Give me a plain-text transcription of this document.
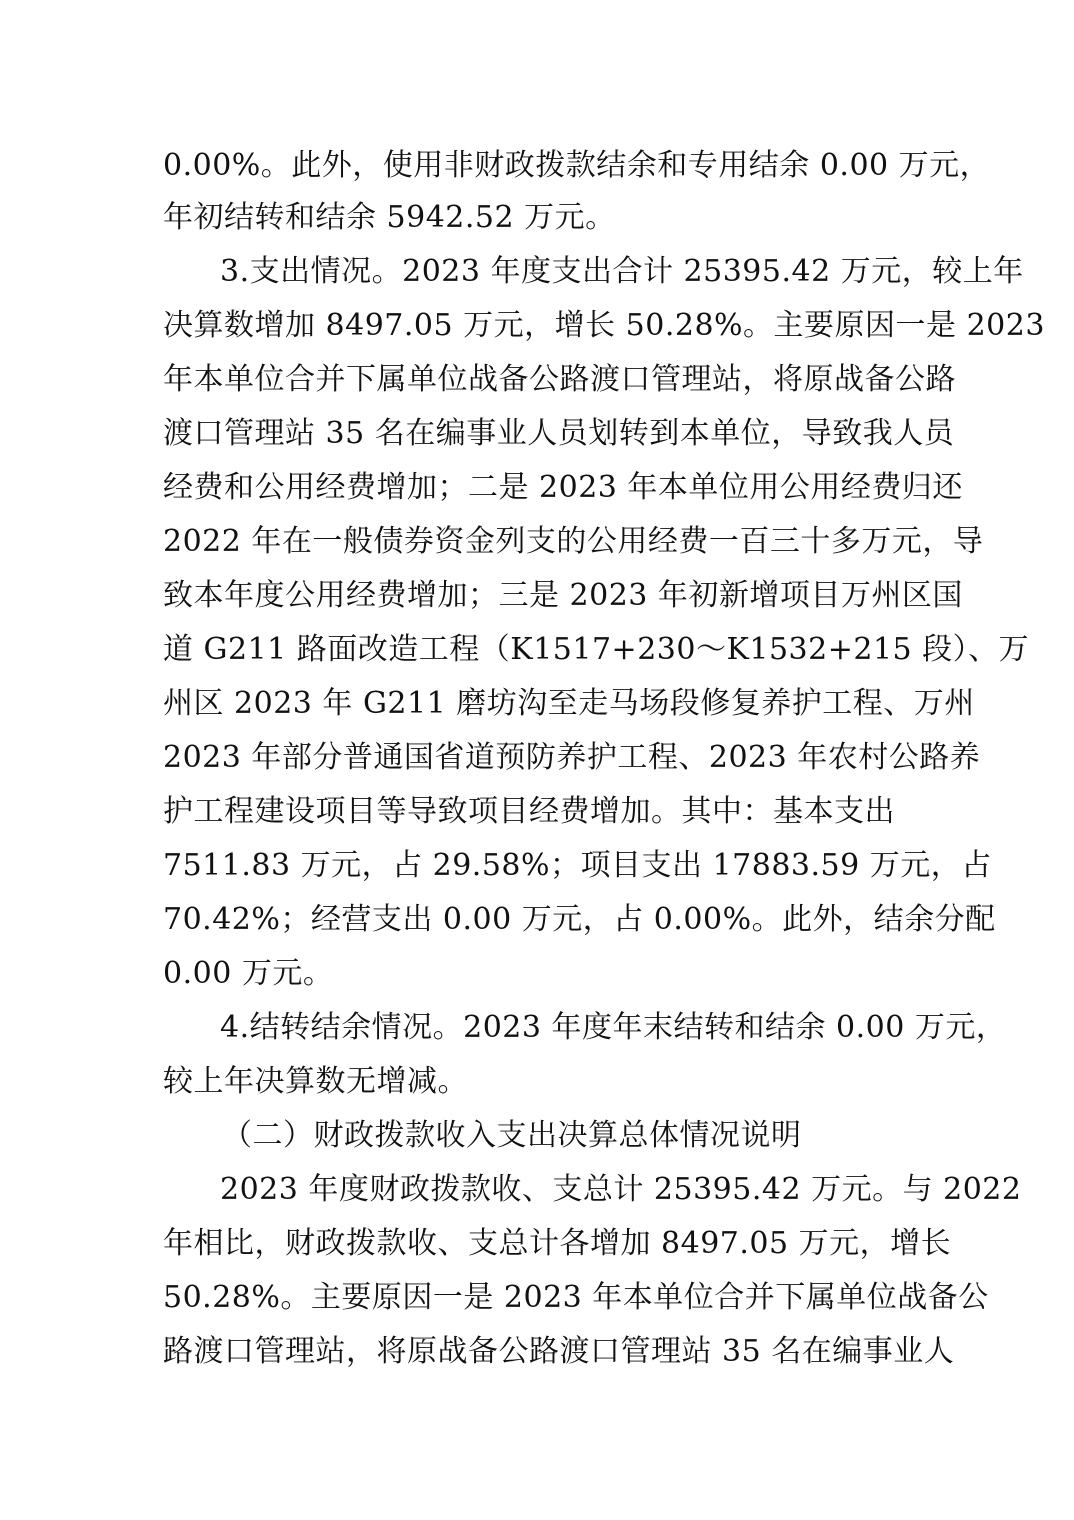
0.00%。此外，使用非财政拨款结余和专用结余 0.00 万元，
年初结转和结余 5942.52 万元。
3.支出情况。2023 年度支出合计 25395.42 万元，较上年
决算数增加 8497.05 万元，增长 50.28%。主要原因一是 2023
年本单位合并下属单位战备公路渡口管理站，将原战备公路
渡口管理站 35 名在编事业人员划转到本单位，导致我人员
经费和公用经费增加；二是 2023 年本单位用公用经费归还
2022 年在一般债券资金列支的公用经费一百三十多万元，导
致本年度公用经费增加；三是 2023 年初新增项目万州区国
道 G211 路面改造工程（K1517+230～K1532+215 段）、万
州区 2023 年 G211 磨坊沟至走马场段修复养护工程、万州
2023 年部分普通国省道预防养护工程、2023 年农村公路养
护工程建设项目等导致项目经费增加。其中：基本支出
7511.83 万元，占 29.58%；项目支出 17883.59 万元，占
70.42%；经营支出 0.00 万元，占 0.00%。此外，结余分配
0.00 万元。
4.结转结余情况。2023 年度年末结转和结余 0.00 万元，
较上年决算数无增减。
（二）财政拨款收入支出决算总体情况说明
2023 年度财政拨款收、支总计 25395.42 万元。与 2022
年相比，财政拨款收、支总计各增加 8497.05 万元，增长
50.28%。主要原因一是 2023 年本单位合并下属单位战备公
路渡口管理站，将原战备公路渡口管理站 35 名在编事业人
